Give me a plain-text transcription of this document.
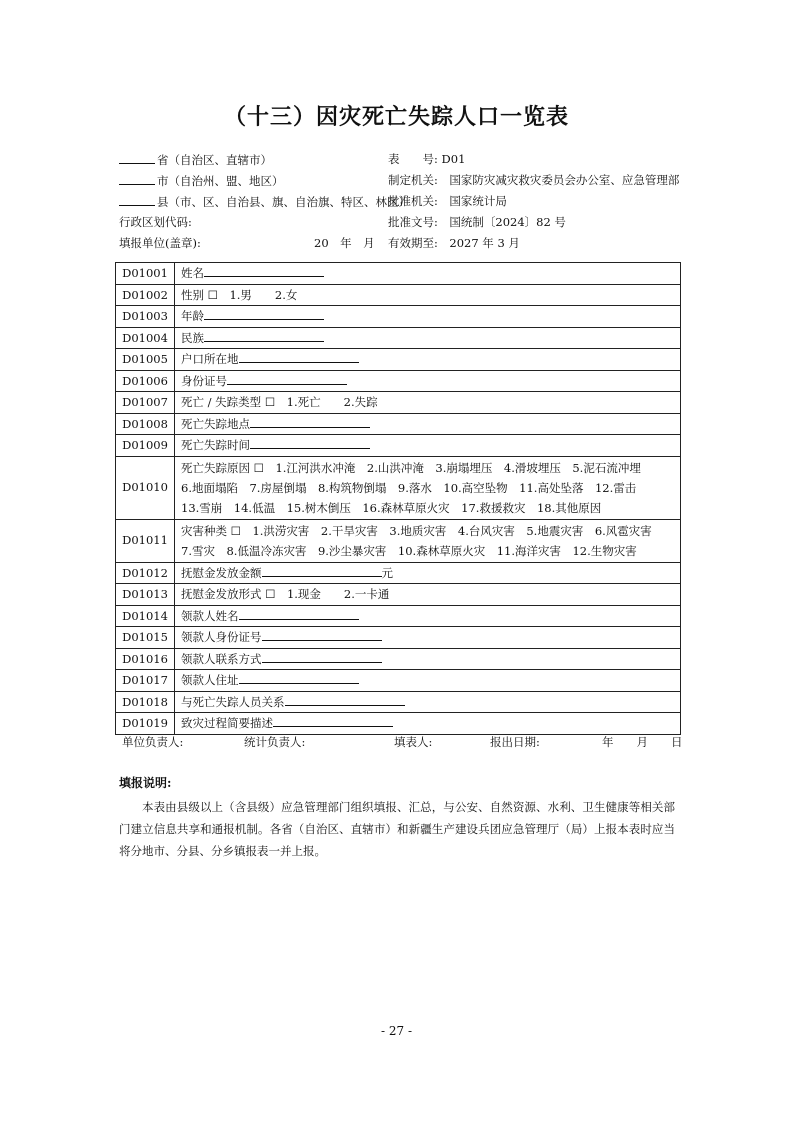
（十三）因灾死亡失踪人口一览表
省（自治区、直辖市）
市（自治州、盟、地区）
县（市、区、自治县、旗、自治旗、特区、林区）
行政区划代码:
填报单位(盖章):	20　年　月
表　　号: D01
制定机关:　国家防灾减灾救灾委员会办公室、应急管理部
批准机关:　国家统计局
批准文号:　国统制〔2024〕82 号
有效期至:　2027 年 3 月
D01001	姓名
D01002	性别 ☐　1.男　　2.女
D01003	年龄
D01004	民族
D01005	户口所在地
D01006	身份证号
D01007	死亡 / 失踪类型 ☐　1.死亡　　2.失踪
D01008	死亡失踪地点
D01009	死亡失踪时间
D01010	死亡失踪原因 ☐　1.江河洪水冲淹　2.山洪冲淹　3.崩塌埋压　4.滑坡埋压　5.泥石流冲埋
6.地面塌陷　7.房屋倒塌　8.构筑物倒塌　9.落水　10.高空坠物　11.高处坠落　12.雷击
13.雪崩　14.低温　15.树木倒压　16.森林草原火灾　17.救援救灾　18.其他原因

D01011	灾害种类 ☐　1.洪涝灾害　2.干旱灾害　3.地质灾害　4.台风灾害　5.地震灾害　6.风雹灾害
7.雪灾　8.低温冷冻灾害　9.沙尘暴灾害　10.森林草原火灾　11.海洋灾害　12.生物灾害

D01012	抚慰金发放金额 元
D01013	抚慰金发放形式 ☐　1.现金　　2.一卡通
D01014	领款人姓名
D01015	领款人身份证号
D01016	领款人联系方式
D01017	领款人住址
D01018	与死亡失踪人员关系
D01019	致灾过程简要描述
单位负责人:	统计负责人:	填表人:	报出日期:	年　　月　　日
填报说明:
本表由县级以上（含县级）应急管理部门组织填报、汇总，与公安、自然资源、水利、卫生健康等相关部门建立信息共享和通报机制。各省（自治区、直辖市）和新疆生产建设兵团应急管理厅（局）上报本表时应当将分地市、分县、分乡镇报表一并上报。
- 27 -
